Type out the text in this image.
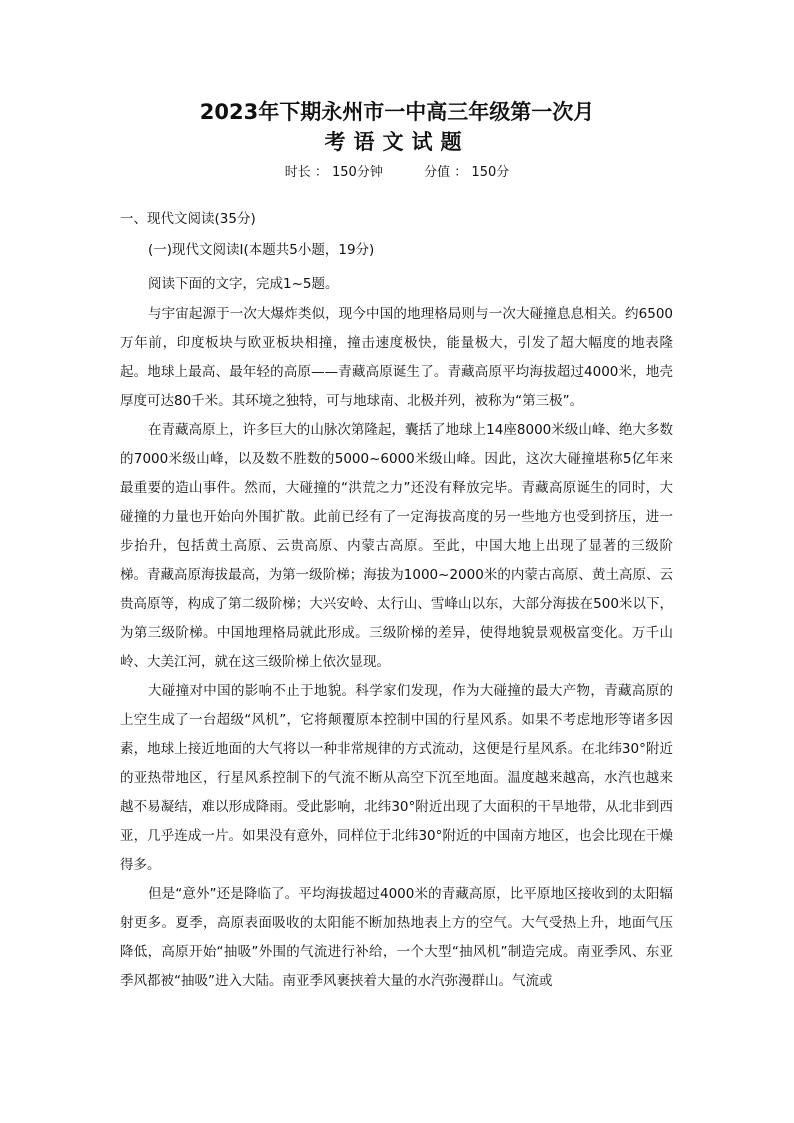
2023年下期永州市一中高三年级第一次月
考语文试题
时长 ： 150分钟	分值 ： 150分
一、现代文阅读(35分)
(一)现代文阅读Ⅰ(本题共5小题，19分)
阅读下面的文字，完成1~5题。

与宇宙起源于一次大爆炸类似，现今中国的地理格局则与一次大碰撞息息相关。约6500万年前，印度板块与欧亚板块相撞，撞击速度极快，能量极大，引发了超大幅度的地表隆起。地球上最高、最年轻的高原——青藏高原诞生了。青藏高原平均海拔超过4000米，地壳厚度可达80千米。其环境之独特，可与地球南、北极并列，被称为“第三极”。

在青藏高原上，许多巨大的山脉次第隆起，囊括了地球上14座8000米级山峰、绝大多数的7000米级山峰，以及数不胜数的5000~6000米级山峰。因此，这次大碰撞堪称5亿年来最重要的造山事件。然而，大碰撞的“洪荒之力”还没有释放完毕。青藏高原诞生的同时，大碰撞的力量也开始向外围扩散。此前已经有了一定海拔高度的另一些地方也受到挤压，进一步抬升，包括黄土高原、云贵高原、内蒙古高原。至此，中国大地上出现了显著的三级阶梯。青藏高原海拔最高，为第一级阶梯；海拔为1000~2000米的内蒙古高原、黄土高原、云贵高原等，构成了第二级阶梯；大兴安岭、太行山、雪峰山以东，大部分海拔在500米以下，为第三级阶梯。中国地理格局就此形成。三级阶梯的差异，使得地貌景观极富变化。万千山岭、大美江河，就在这三级阶梯上依次显现。

大碰撞对中国的影响不止于地貌。科学家们发现，作为大碰撞的最大产物，青藏高原的上空生成了一台超级“风机”，它将颠覆原本控制中国的行星风系。如果不考虑地形等诸多因素，地球上接近地面的大气将以一种非常规律的方式流动，这便是行星风系。在北纬30°附近的亚热带地区，行星风系控制下的气流不断从高空下沉至地面。温度越来越高，水汽也越来越不易凝结，难以形成降雨。受此影响，北纬30°附近出现了大面积的干旱地带，从北非到西亚，几乎连成一片。如果没有意外，同样位于北纬30°附近的中国南方地区，也会比现在干燥得多。

但是“意外”还是降临了。平均海拔超过4000米的青藏高原，比平原地区接收到的太阳辐射更多。夏季，高原表面吸收的太阳能不断加热地表上方的空气。大气受热上升，地面气压降低，高原开始“抽吸”外围的气流进行补给，一个大型“抽风机”制造完成。南亚季风、东亚季风都被“抽吸”进入大陆。南亚季风裹挟着大量的水汽弥漫群山。气流或
